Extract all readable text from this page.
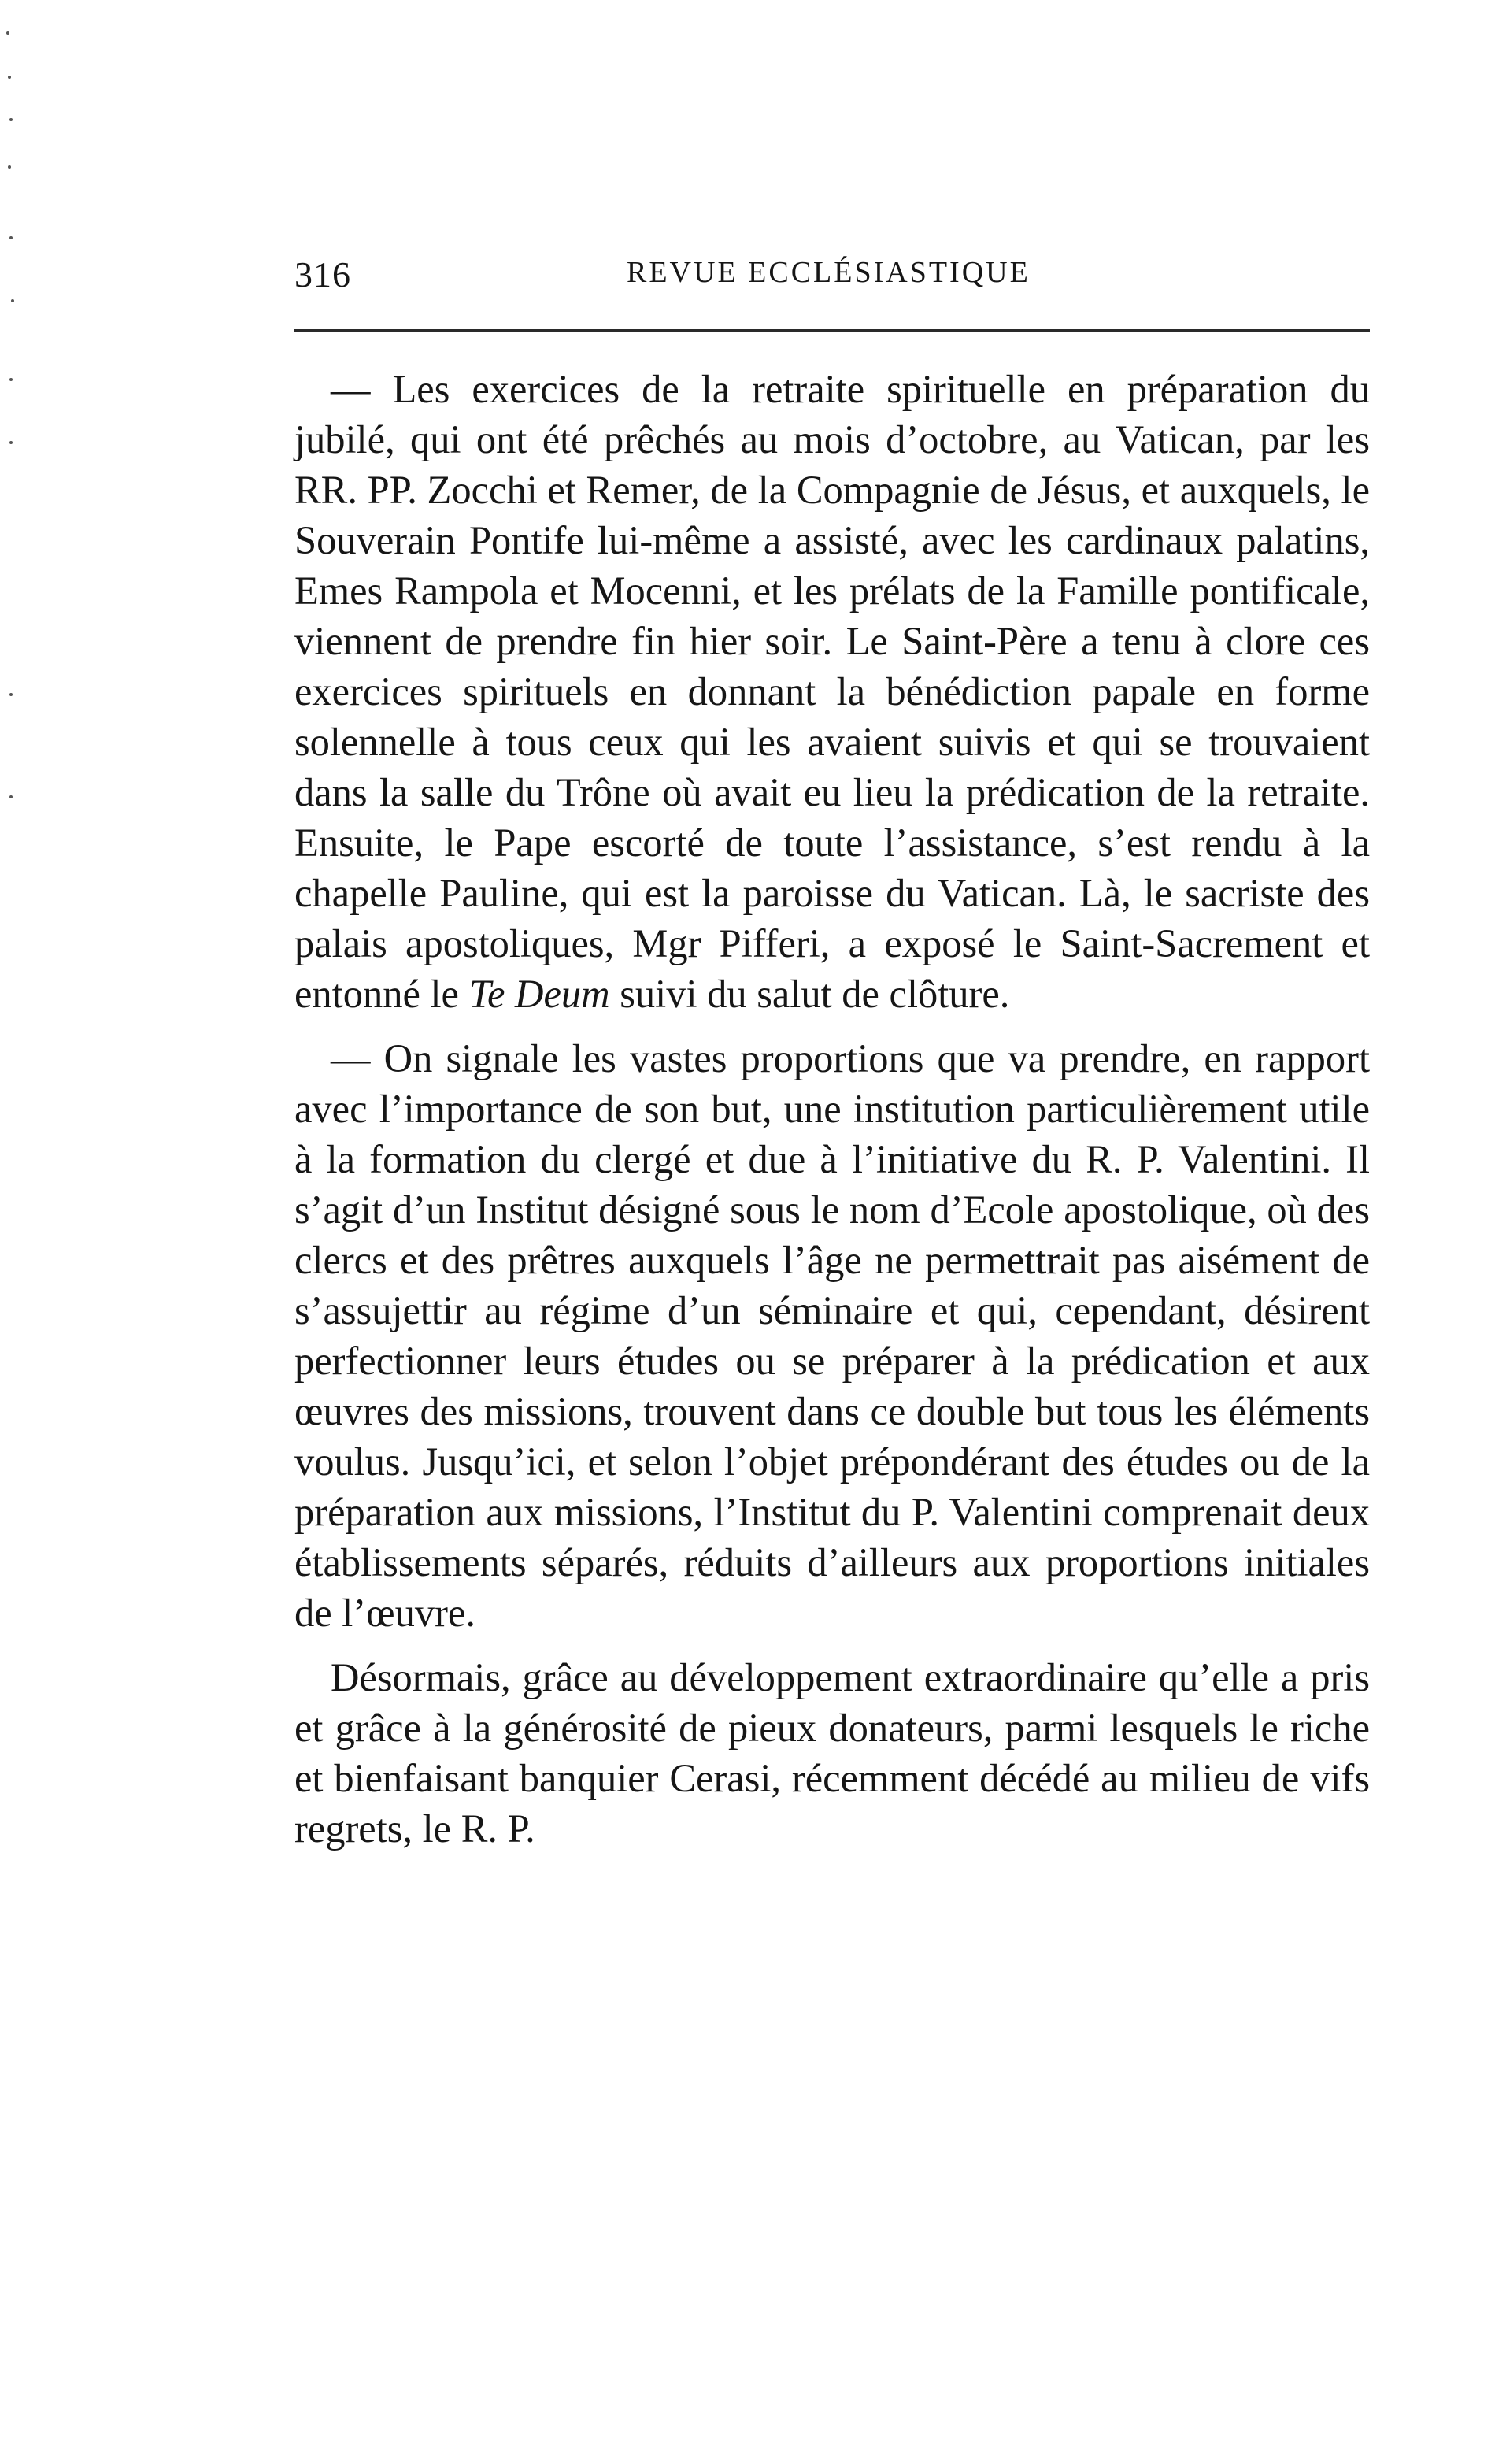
316	REVUE ECCLÉSIASTIQUE

— Les exercices de la retraite spirituelle en préparation du jubilé, qui ont été prêchés au mois d’octobre, au Vatican, par les RR. PP. Zocchi et Remer, de la Compagnie de Jésus, et auxquels, le Souverain Pontife lui-même a assisté, avec les cardinaux palatins, Emes Rampola et Mocenni, et les prélats de la Famille pontificale, viennent de prendre fin hier soir. Le Saint-Père a tenu à clore ces exercices spirituels en donnant la bénédiction papale en forme solennelle à tous ceux qui les avaient suivis et qui se trouvaient dans la salle du Trône où avait eu lieu la prédication de la retraite. Ensuite, le Pape escorté de toute l’assistance, s’est rendu à la chapelle Pauline, qui est la paroisse du Vatican. Là, le sacriste des palais apostoliques, Mgr Pifferi, a exposé le Saint-Sacrement et entonné le Te Deum suivi du salut de clôture.

— On signale les vastes proportions que va prendre, en rapport avec l’importance de son but, une institution particulièrement utile à la formation du clergé et due à l’initiative du R. P. Valentini. Il s’agit d’un Institut désigné sous le nom d’Ecole apostolique, où des clercs et des prêtres auxquels l’âge ne permettrait pas aisément de s’assujettir au régime d’un séminaire et qui, cependant, désirent perfectionner leurs études ou se préparer à la prédication et aux œuvres des missions, trouvent dans ce double but tous les éléments voulus. Jusqu’ici, et selon l’objet prépondérant des études ou de la préparation aux missions, l’Institut du P. Valentini comprenait deux établissements séparés, réduits d’ailleurs aux proportions initiales de l’œuvre.

Désormais, grâce au développement extraordinaire qu’elle a pris et grâce à la générosité de pieux donateurs, parmi lesquels le riche et bienfaisant banquier Cerasi, récemment décédé au milieu de vifs regrets, le R. P.
